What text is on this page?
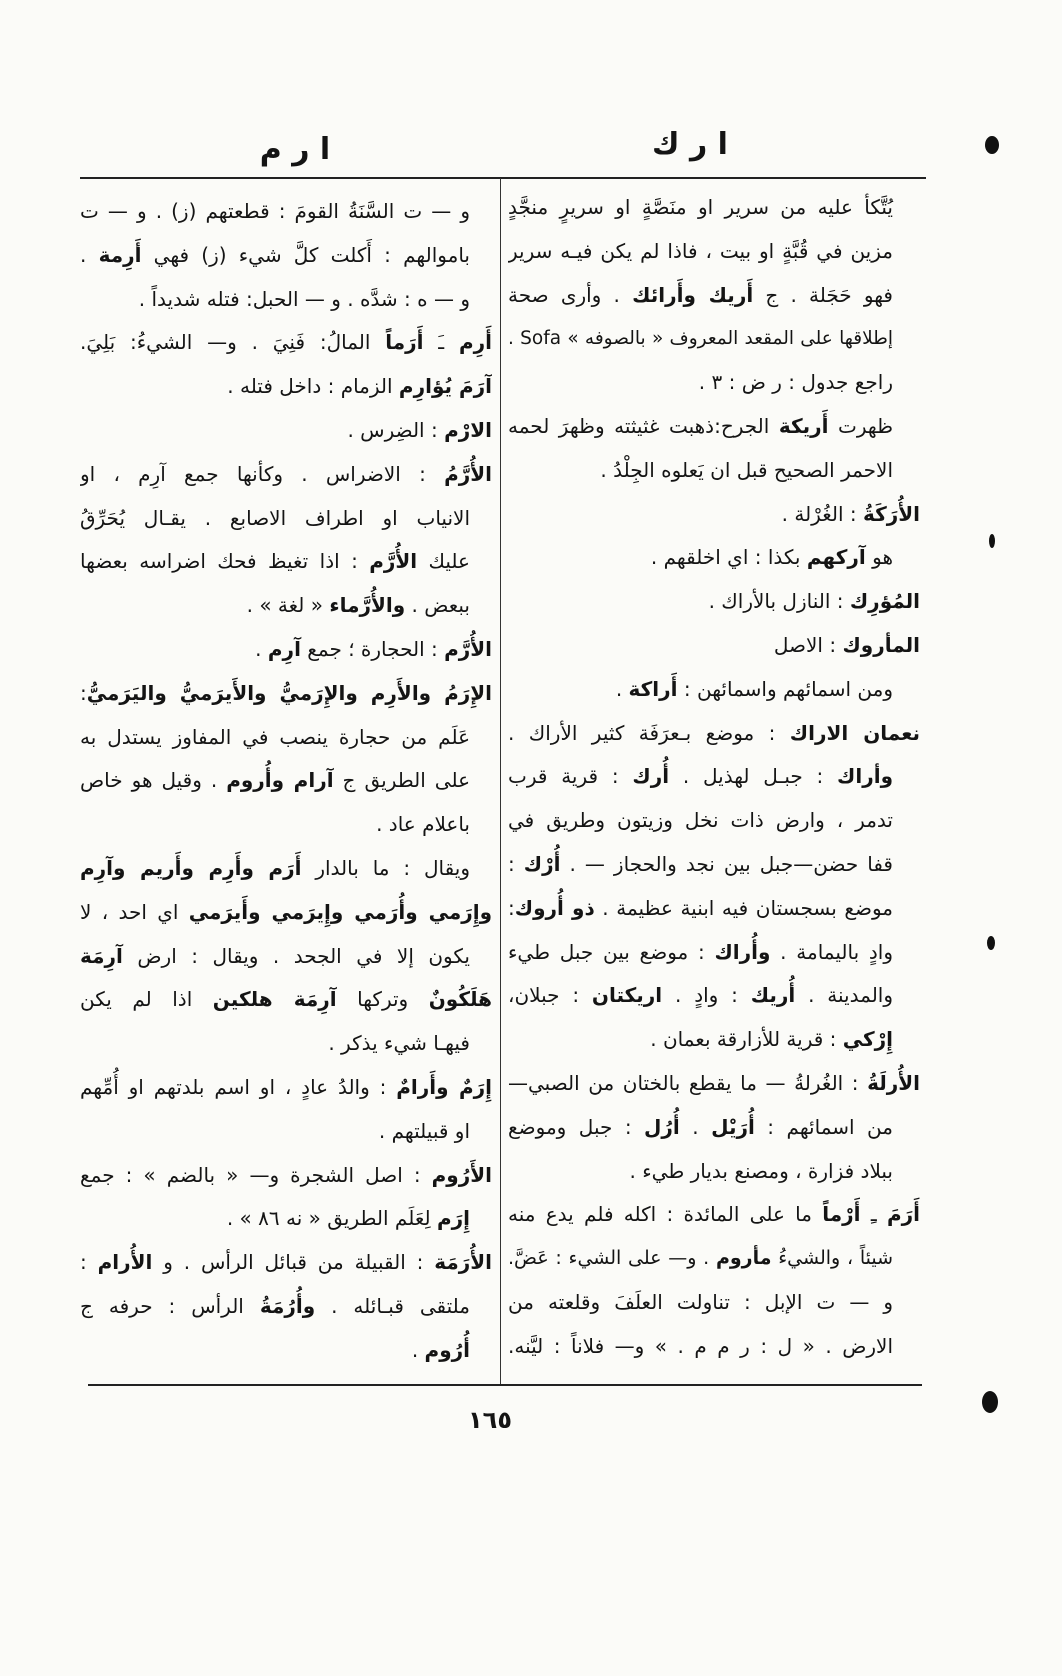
ا ر ك
ا ر م
يُتَّكأ عليه من سرير او منَصَّةٍ او سريرٍ منجَّدٍ
مزين في قُبَّةٍ او بيت ، فاذا لم يكن فيـه سرير
فهو حَجَلة . ج أَريك وأَرائك . وأرى صحة
إطلاقها على المقعد المعروف « بالصوفه » Sofa .
راجع جدول : ر ض : ٣ .
ظهرت أَريكة الجرح:ذهبت غثيثته وظهرَ لحمه
الاحمر الصحيح قبل ان يَعلوه الجِلْدُ .
الأُرَكَةُ : الغُرْلة .
هو آركهم بكذا : اي اخلقهم .
المُؤرِك : النازل بالأراك .
المأروك : الاصل
ومن اسمائهم واسمائهن : أَراكة .
نعمان الاراك : موضع بـعرَفَة كثير الأراك .
وأراك : جبـل لهذيل . أُرك : قرية قرب
تدمر ، وارض ذات نخل وزيتون وطريق في
قفا حضن—جبل بين نجد والحجاز — . أُرْك :
موضع بسجستان فيه ابنية عظيمة . ذو أُروك:
وادٍ باليمامة . وأُراك : موضع بين جبل طيء
والمدينة . أُريك : وادٍ . اريكتان : جبلان،
إِرْكي : قرية للأزارقة بعمان .
الأُرلَةُ : الغُرلةُ — ما يقطع بالختان من الصبي—
من اسمائهم : أُرَيْل . أُرُل : جبل وموضع
ببلاد فزارة ، ومصنع بديار طيء .
أَرَمَ ـِ أَرْماً ما على المائدة : اكله فلم يدع منه
شيئاً ، والشيءُ مأروم . و— على الشيء : عَضَّ.
و — ت الإبل : تناولت العلَفَ وقلعته من
الارض . « ل : ر م م . » و— فلاناً : ليَّنه.
و — ت السَّنَةُ القومَ : قطعتهم (ز) . و — ت
باموالهم : أَكلت كلَّ شيء (ز) فهي أَرِمة .
و — ه : شدَّه . و — الحبل: فتله شديداً .
أَرِم ـَ أَرَماً المالُ: فَنِيَ . و— الشيءُ: بَلِيَ.
آرَمَ يُؤارِم الزمام : داخل فتله .
الارْم : الضِرس .
الأُرَّمُ : الاضراس . وكأنها جمع آرِم ، او
الانياب او اطراف الاصابع . يقـال يُحَرِّقُ
عليك الأُرَّم : اذا تغيظ فحك اضراسه بعضها
ببعض . والأُرَّماء « لغة » .
الأُرَّم : الحجارة ؛ جمع آرِم .
الإِرَمُ والأَرِم والإِرَميُّ والأَيرَميُّ واليَرَميُّ:
عَلَم من حجارة ينصب في المفاوز يستدل به
على الطريق ج آرام وأُروم . وقيل هو خاص
باعلام عاد .
ويقال : ما بالدار أَرَم وأَرِم وأَريم وآرِم
وإِرَمي وأُرَمي وإِيرَمي وأَيرَمي اي احد ، لا
يكون إلا في الجحد . ويقال : ارض آرِمَة
هَلَكُونٌ وتركها آرِمَة هلكين اذا لم يكن
فيهـا شيء يذكر .
إِرَمٌ وأَرامٌ : والدُ عادٍ ، او اسم بلدتهم او أُمِّهم
او قبيلتهم .
الأَرُوم : اصل الشجرة و— « بالضم » : جمع
إِرَم لِعَلَم الطريق « نه ٨٦ » .
الأُرَمَة : القبيلة من قبائل الرأس . و الأُرام :
ملتقى قبـائله . وأُرُمَةُ الرأس : حرفه ج
أُرُوم .
١٦٥
